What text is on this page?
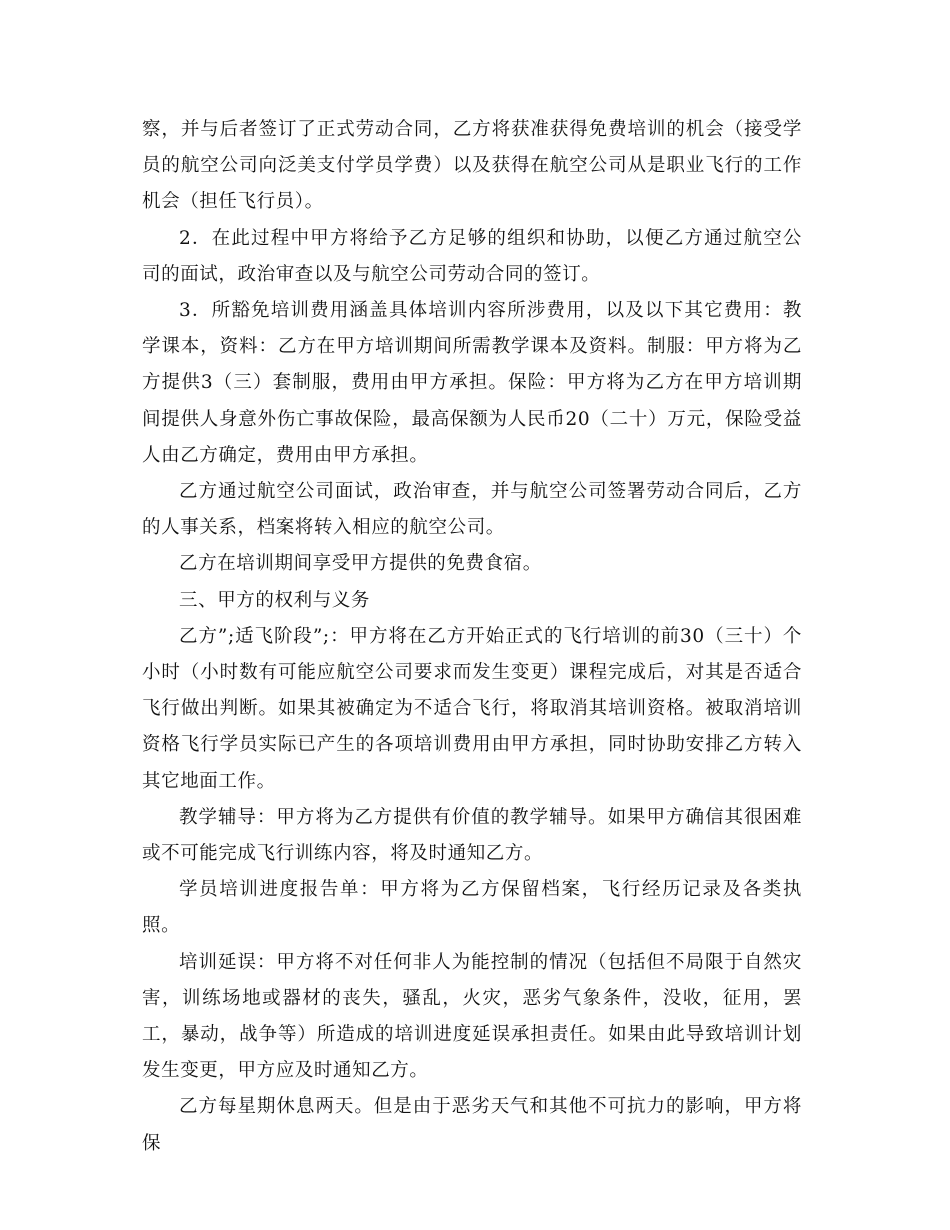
察，并与后者签订了正式劳动合同，乙方将获准获得免费培训的机会（接受学员的航空公司向泛美支付学员学费）以及获得在航空公司从是职业飞行的工作机会（担任飞行员）。

2．在此过程中甲方将给予乙方足够的组织和协助，以便乙方通过航空公司的面试，政治审查以及与航空公司劳动合同的签订。

3．所豁免培训费用涵盖具体培训内容所涉费用，以及以下其它费用：教学课本，资料：乙方在甲方培训期间所需教学课本及资料。制服：甲方将为乙方提供3（三）套制服，费用由甲方承担。保险：甲方将为乙方在甲方培训期间提供人身意外伤亡事故保险，最高保额为人民币20（二十）万元，保险受益人由乙方确定，费用由甲方承担。

乙方通过航空公司面试，政治审查，并与航空公司签署劳动合同后，乙方的人事关系，档案将转入相应的航空公司。

乙方在培训期间享受甲方提供的免费食宿。

三、甲方的权利与义务

乙方”;适飞阶段”;：甲方将在乙方开始正式的飞行培训的前30（三十）个小时（小时数有可能应航空公司要求而发生变更）课程完成后，对其是否适合飞行做出判断。如果其被确定为不适合飞行，将取消其培训资格。被取消培训资格飞行学员实际已产生的各项培训费用由甲方承担，同时协助安排乙方转入其它地面工作。

教学辅导：甲方将为乙方提供有价值的教学辅导。如果甲方确信其很困难或不可能完成飞行训练内容，将及时通知乙方。

学员培训进度报告单：甲方将为乙方保留档案，飞行经历记录及各类执照。

培训延误：甲方将不对任何非人为能控制的情况（包括但不局限于自然灾害，训练场地或器材的丧失，骚乱，火灾，恶劣气象条件，没收，征用，罢工，暴动，战争等）所造成的培训进度延误承担责任。如果由此导致培训计划发生变更，甲方应及时通知乙方。

乙方每星期休息两天。但是由于恶劣天气和其他不可抗力的影响，甲方将保
